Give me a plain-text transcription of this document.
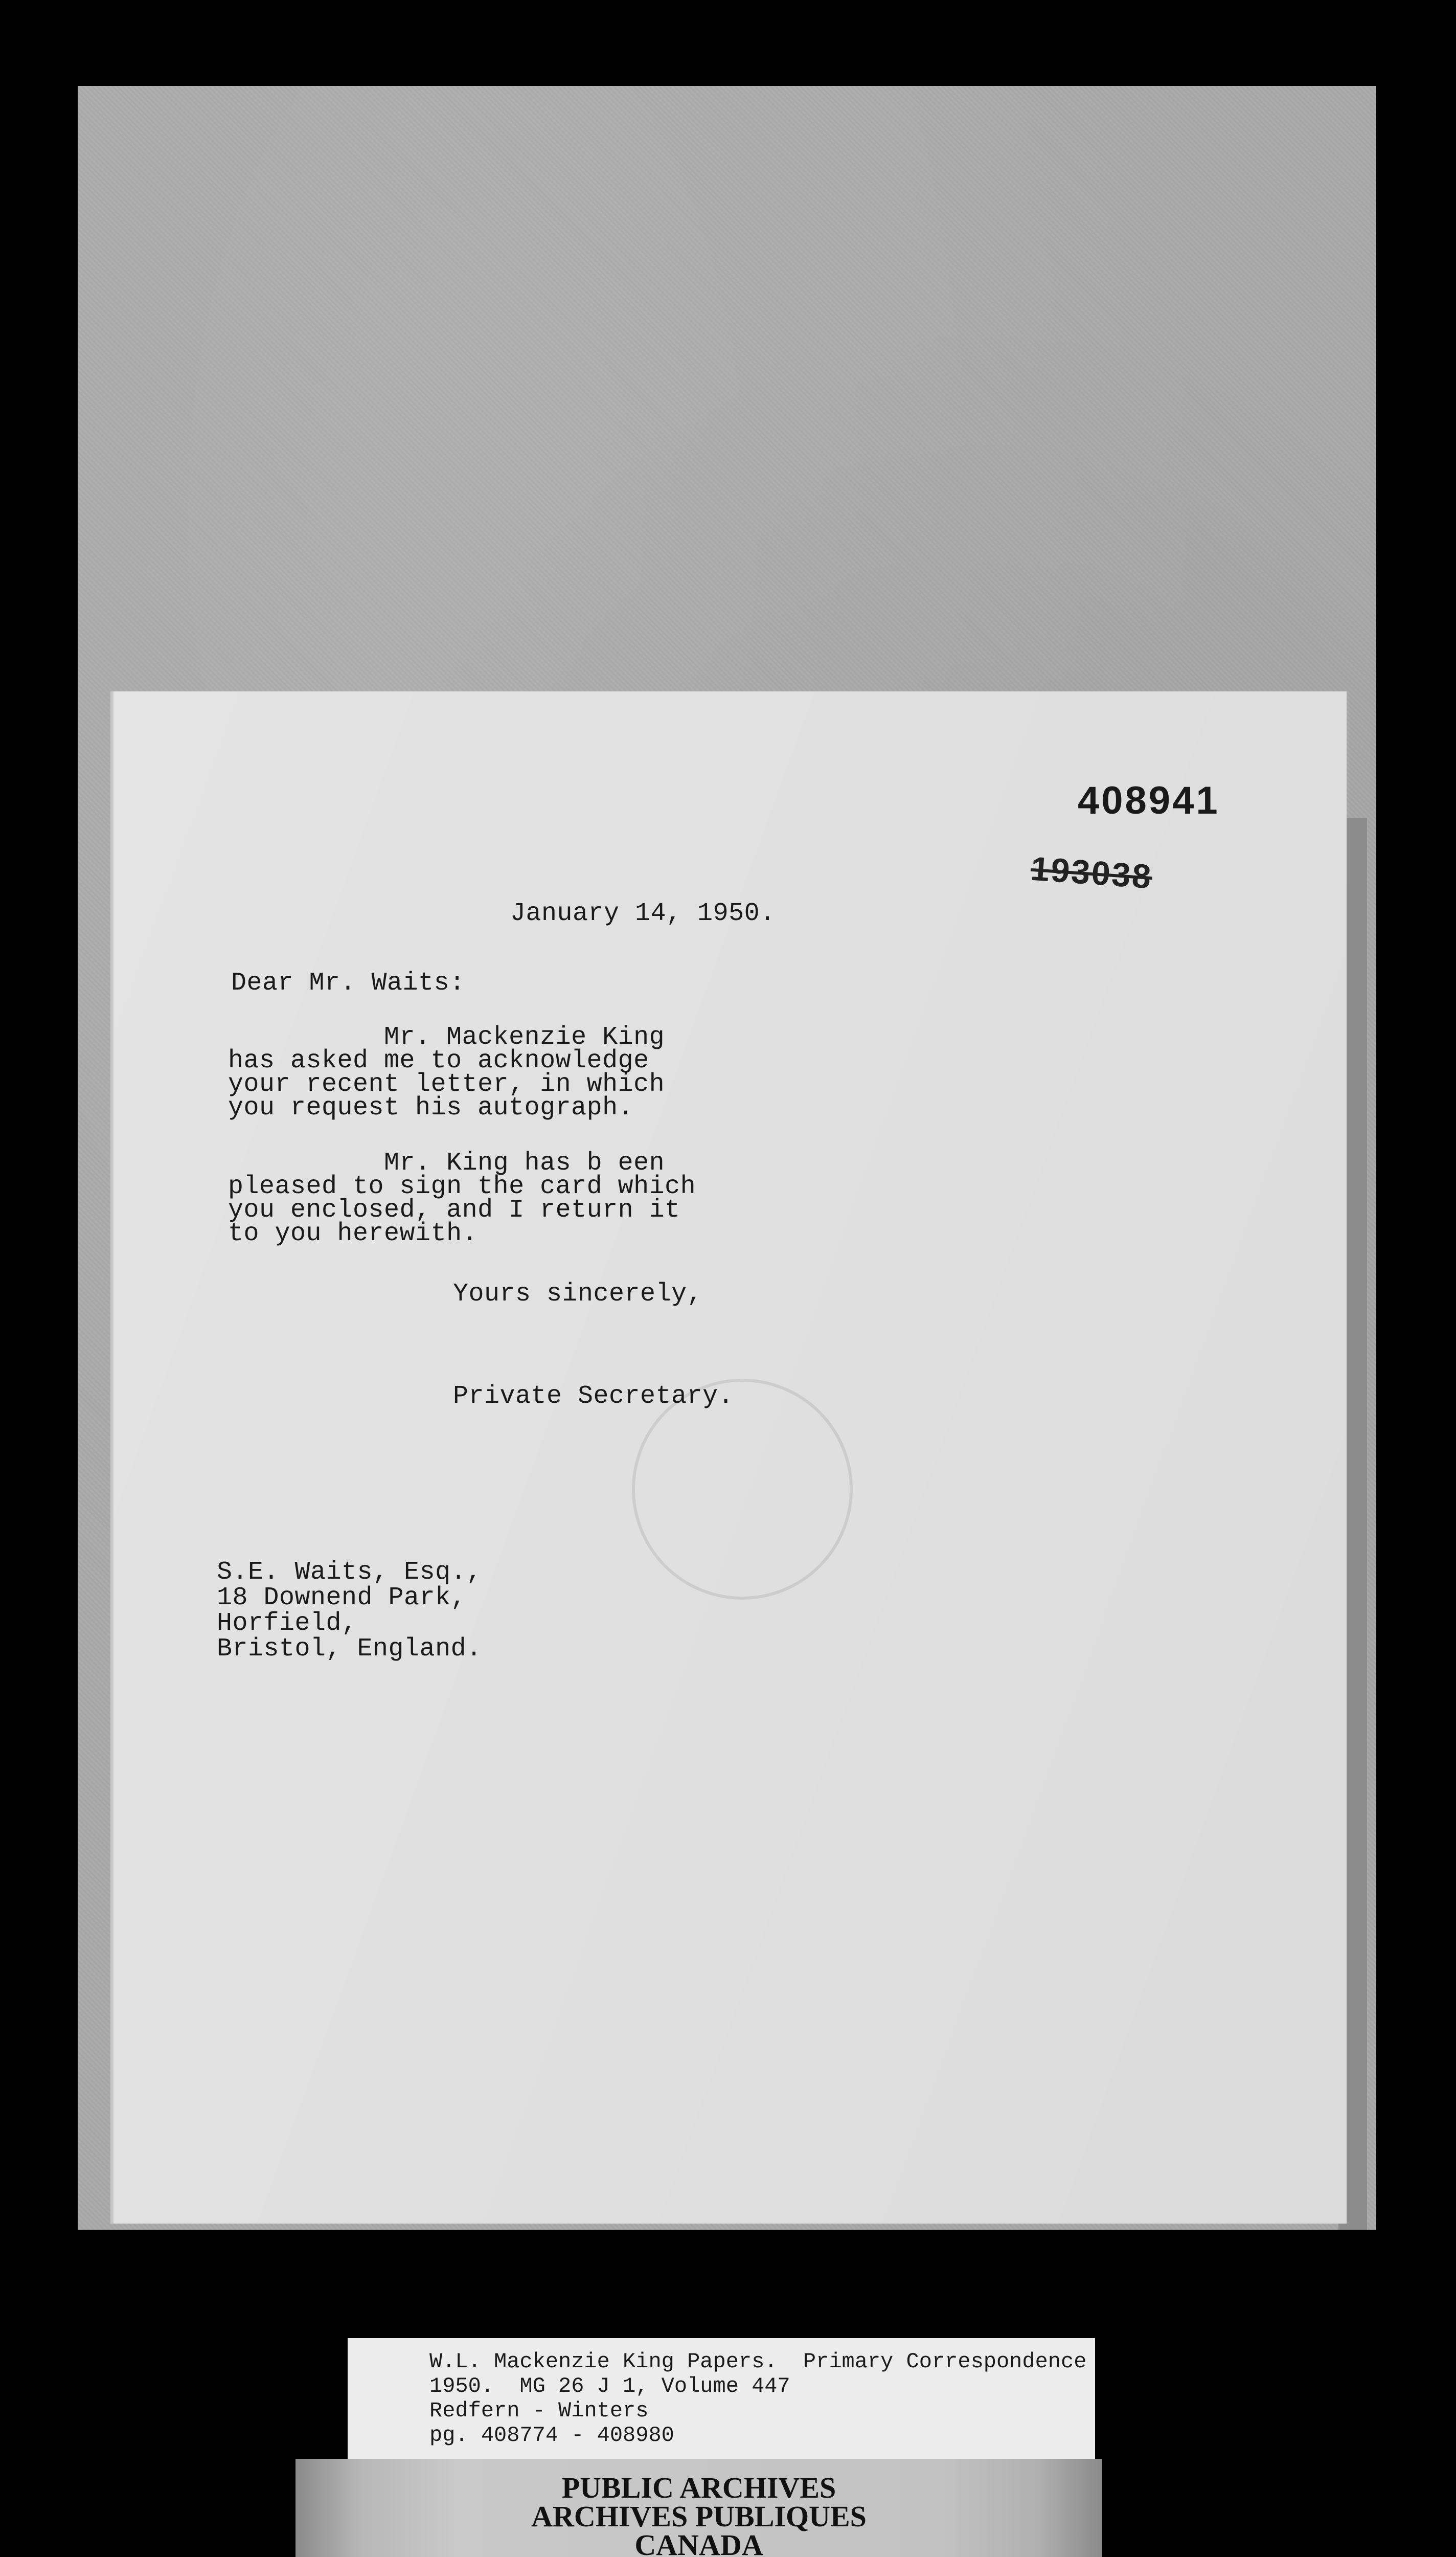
408941
193038
January 14, 1950.
Dear Mr. Waits:
Mr. Mackenzie King
has asked me to acknowledge
your recent letter, in which
you request his autograph.
Mr. King has b een
pleased to sign the card which
you enclosed, and I return it
to you herewith.
Yours sincerely,
Private Secretary.
S.E. Waits, Esq.,
18 Downend Park,
Horfield,
Bristol, England.
W.L. Mackenzie King Papers.  Primary Correspondence
1950.  MG 26 J 1, Volume 447
Redfern - Winters
pg. 408774 - 408980
PUBLIC ARCHIVES
ARCHIVES PUBLIQUES
CANADA
